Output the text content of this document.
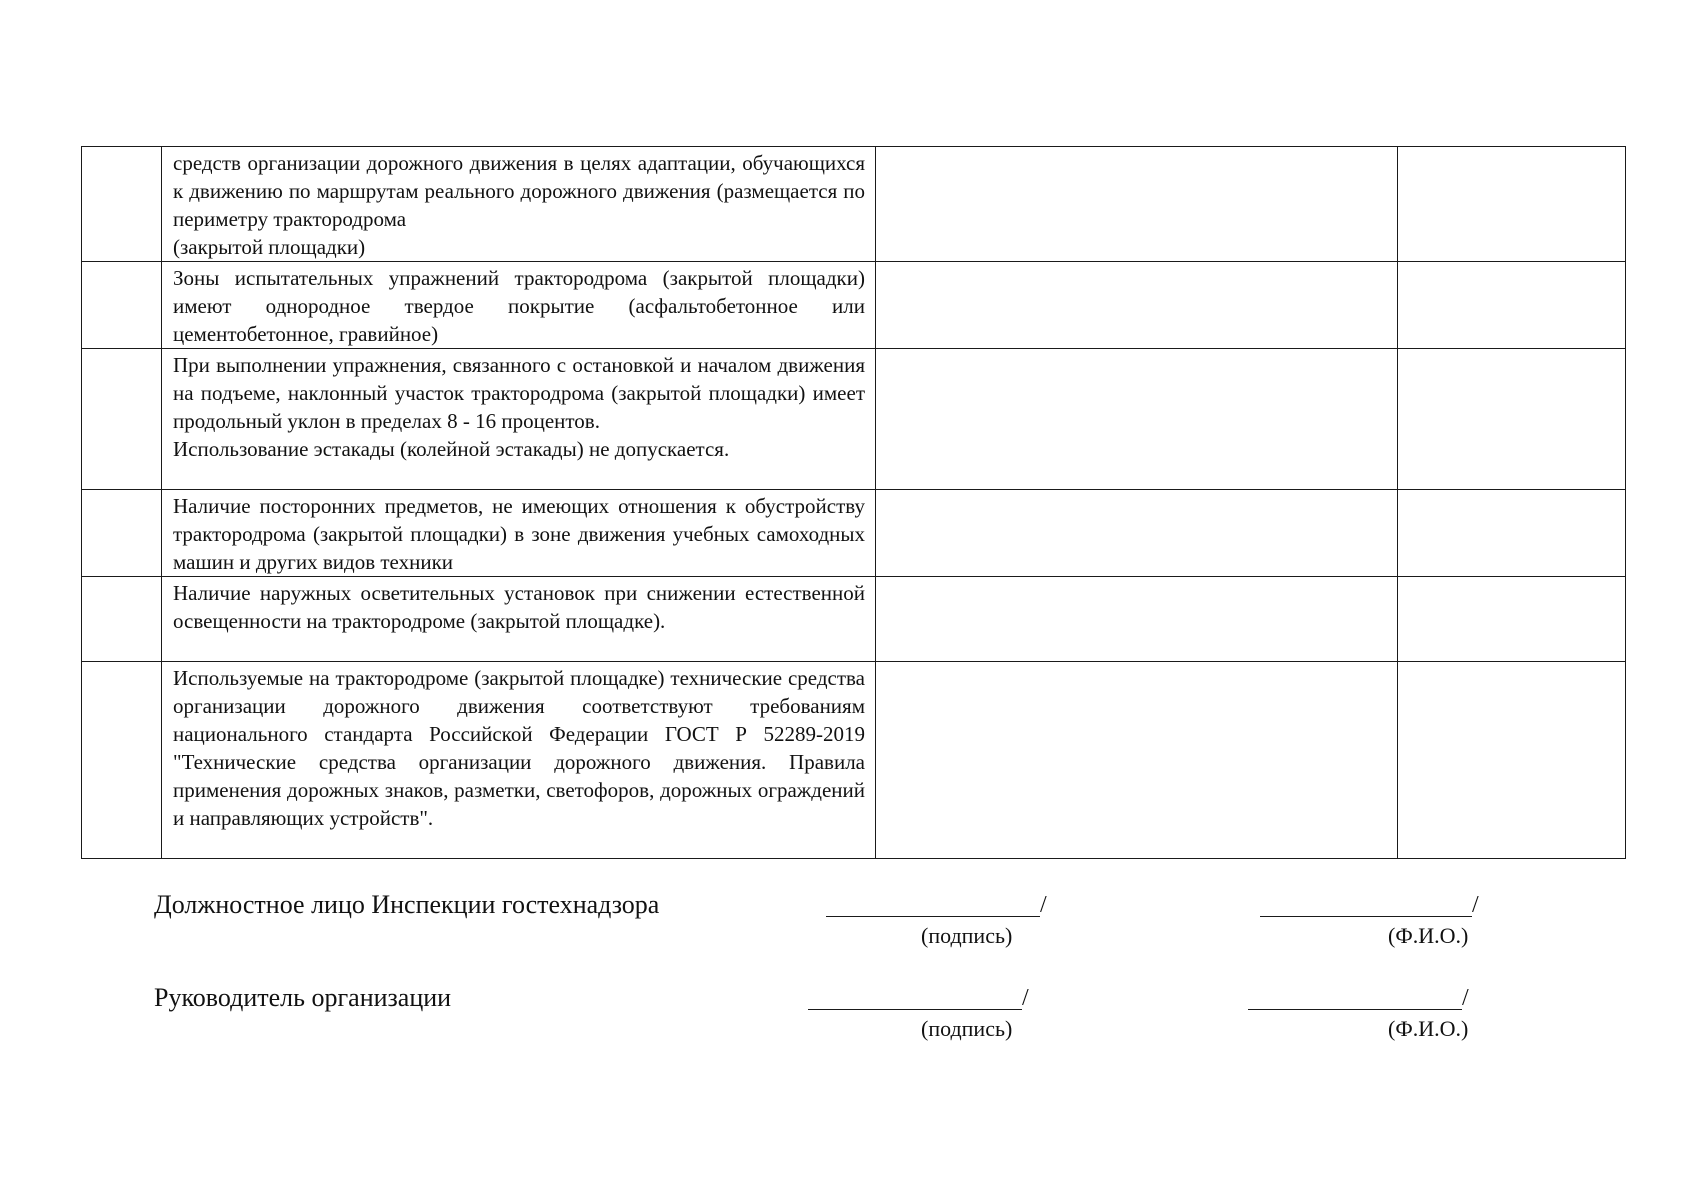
	средств организации дорожного движения в целях адаптации, обучающихся к движению по маршрутам реального дорожного движения (размещается по периметру трактородрома
(закрытой площадки)		

	Зоны испытательных упражнений трактородрома (закрытой площадки) имеют однородное твердое покрытие (асфальтобетонное или цементобетонное, гравийное)		

	При выполнении упражнения, связанного с остановкой и началом движения на подъеме, наклонный участок трактородрома (закрытой площадки) имеет продольный уклон в пределах 8 - 16 процентов.
Использование эстакады (колейной эстакады) не допускается.		

	Наличие посторонних предметов, не имеющих отношения к обустройству трактородрома (закрытой площадки) в зоне движения учебных самоходных машин и других видов техники		

	Наличие наружных осветительных установок при снижении естественной освещенности на трактородроме (закрытой площадке).		

	Используемые на трактородроме (закрытой площадке) технические средства организации дорожного движения соответствуют требованиям национального стандарта Российской Федерации ГОСТ Р 52289-2019 "Технические средства организации дорожного движения. Правила применения дорожных знаков, разметки, светофоров, дорожных ограждений и направляющих устройств".		

Должностное лицо Инспекции гостехнадзора	/
(подпись)
/
(Ф.И.О.)
Руководитель организации	/
(подпись)
/
(Ф.И.О.)
